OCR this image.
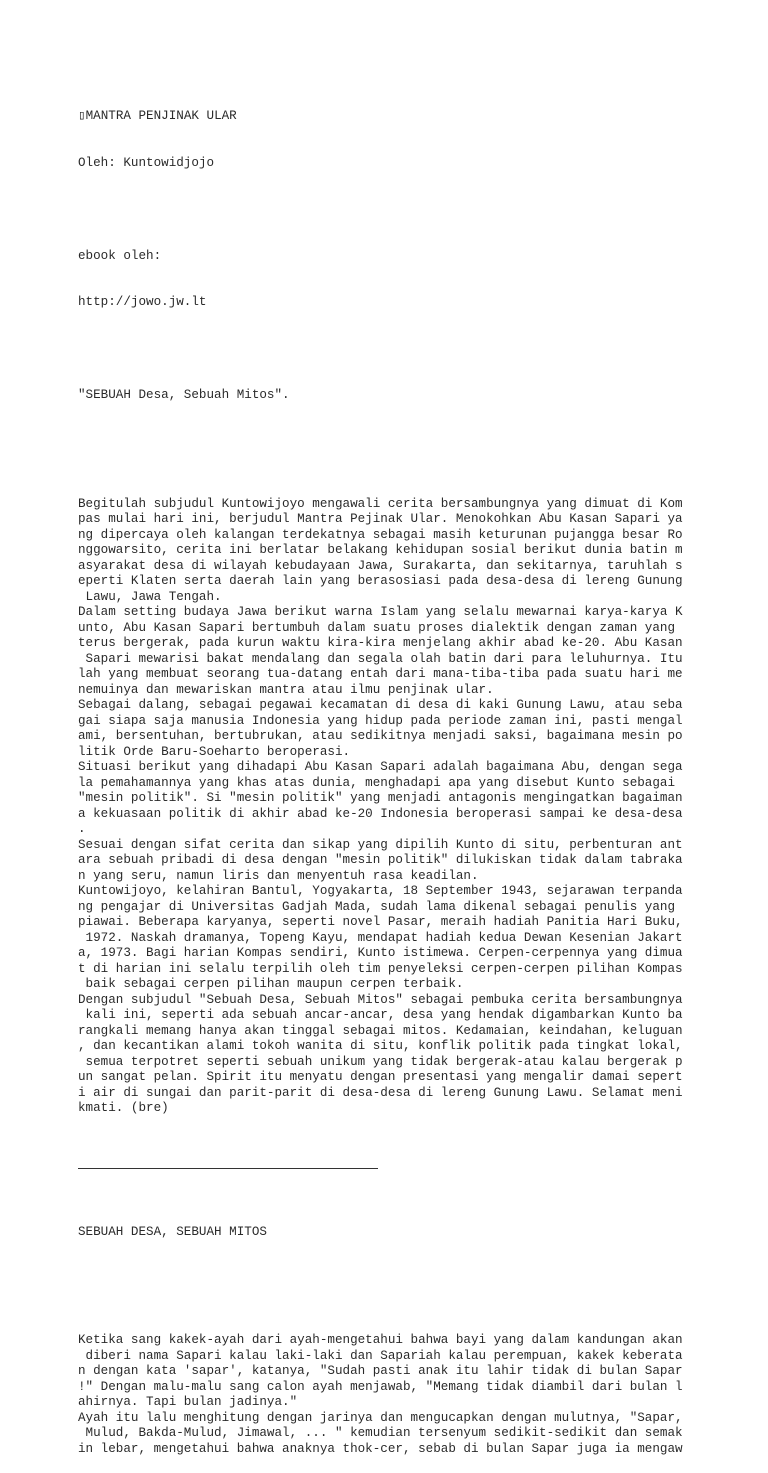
▯MANTRA PENJINAK ULAR

Oleh: Kuntowidjojo

ebook oleh:

http://jowo.jw.lt

"SEBUAH Desa, Sebuah Mitos".

Begitulah subjudul Kuntowijoyo mengawali cerita bersambungnya yang dimuat di Kom
pas mulai hari ini, berjudul Mantra Pejinak Ular. Menokohkan Abu Kasan Sapari ya
ng dipercaya oleh kalangan terdekatnya sebagai masih keturunan pujangga besar Ro
nggowarsito, cerita ini berlatar belakang kehidupan sosial berikut dunia batin m
asyarakat desa di wilayah kebudayaan Jawa, Surakarta, dan sekitarnya, taruhlah s
eperti Klaten serta daerah lain yang berasosiasi pada desa-desa di lereng Gunung
Lawu, Jawa Tengah.
Dalam setting budaya Jawa berikut warna Islam yang selalu mewarnai karya-karya K
unto, Abu Kasan Sapari bertumbuh dalam suatu proses dialektik dengan zaman yang
terus bergerak, pada kurun waktu kira-kira menjelang akhir abad ke-20. Abu Kasan
Sapari mewarisi bakat mendalang dan segala olah batin dari para leluhurnya. Itu
lah yang membuat seorang tua-datang entah dari mana-tiba-tiba pada suatu hari me
nemuinya dan mewariskan mantra atau ilmu penjinak ular.
Sebagai dalang, sebagai pegawai kecamatan di desa di kaki Gunung Lawu, atau seba
gai siapa saja manusia Indonesia yang hidup pada periode zaman ini, pasti mengal
ami, bersentuhan, bertubrukan, atau sedikitnya menjadi saksi, bagaimana mesin po
litik Orde Baru-Soeharto beroperasi.
Situasi berikut yang dihadapi Abu Kasan Sapari adalah bagaimana Abu, dengan sega
la pemahamannya yang khas atas dunia, menghadapi apa yang disebut Kunto sebagai
"mesin politik". Si "mesin politik" yang menjadi antagonis mengingatkan bagaiman
a kekuasaan politik di akhir abad ke-20 Indonesia beroperasi sampai ke desa-desa
.
Sesuai dengan sifat cerita dan sikap yang dipilih Kunto di situ, perbenturan ant
ara sebuah pribadi di desa dengan "mesin politik" dilukiskan tidak dalam tabraka
n yang seru, namun liris dan menyentuh rasa keadilan.
Kuntowijoyo, kelahiran Bantul, Yogyakarta, 18 September 1943, sejarawan terpanda
ng pengajar di Universitas Gadjah Mada, sudah lama dikenal sebagai penulis yang
piawai. Beberapa karyanya, seperti novel Pasar, meraih hadiah Panitia Hari Buku,
1972. Naskah dramanya, Topeng Kayu, mendapat hadiah kedua Dewan Kesenian Jakart
a, 1973. Bagi harian Kompas sendiri, Kunto istimewa. Cerpen-cerpennya yang dimua
t di harian ini selalu terpilih oleh tim penyeleksi cerpen-cerpen pilihan Kompas
baik sebagai cerpen pilihan maupun cerpen terbaik.
Dengan subjudul "Sebuah Desa, Sebuah Mitos" sebagai pembuka cerita bersambungnya
kali ini, seperti ada sebuah ancar-ancar, desa yang hendak digambarkan Kunto ba
rangkali memang hanya akan tinggal sebagai mitos. Kedamaian, keindahan, keluguan
, dan kecantikan alami tokoh wanita di situ, konflik politik pada tingkat lokal,
semua terpotret seperti sebuah unikum yang tidak bergerak-atau kalau bergerak p
un sangat pelan. Spirit itu menyatu dengan presentasi yang mengalir damai sepert
i air di sungai dan parit-parit di desa-desa di lereng Gunung Lawu. Selamat meni
kmati. (bre)

SEBUAH DESA, SEBUAH MITOS

Ketika sang kakek-ayah dari ayah-mengetahui bahwa bayi yang dalam kandungan akan
diberi nama Sapari kalau laki-laki dan Sapariah kalau perempuan, kakek keberata
n dengan kata 'sapar', katanya, "Sudah pasti anak itu lahir tidak di bulan Sapar
!" Dengan malu-malu sang calon ayah menjawab, "Memang tidak diambil dari bulan l
ahirnya. Tapi bulan jadinya."
Ayah itu lalu menghitung dengan jarinya dan mengucapkan dengan mulutnya, "Sapar,
Mulud, Bakda-Mulud, Jimawal, ... " kemudian tersenyum sedikit-sedikit dan semak
in lebar, mengetahui bahwa anaknya thok-cer, sebab di bulan Sapar juga ia mengaw
